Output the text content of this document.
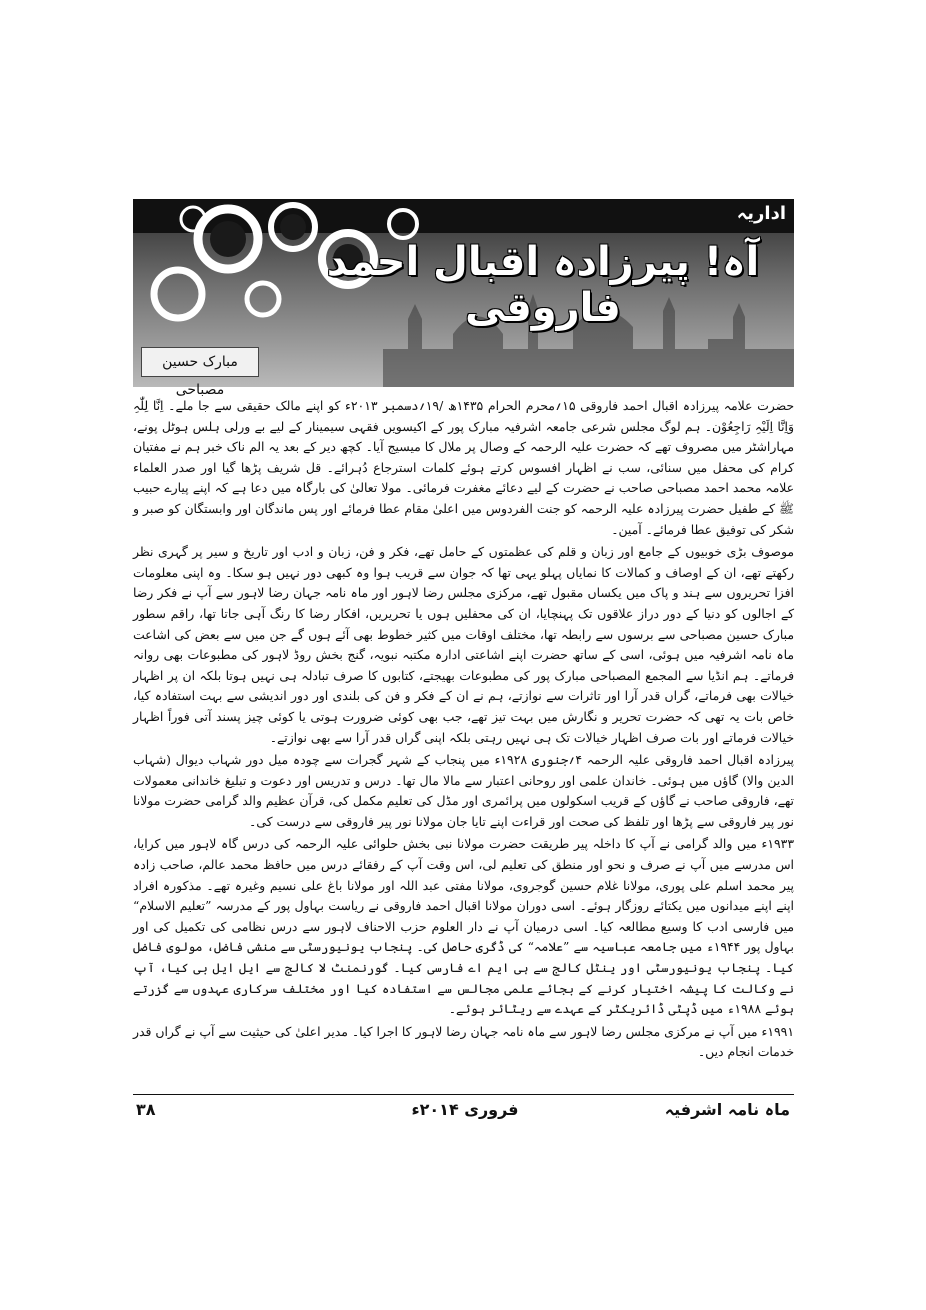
اداریہ
آہ! پیرزادہ اقبال احمد فاروقی
مبارک حسین مصباحی

حضرت علامہ پیرزادہ اقبال احمد فاروقی ۱۵؍محرم الحرام ۱۴۳۵ھ /۱۹؍دسمبر ۲۰۱۳ء کو اپنے مالک حقیقی سے جا ملے۔ اِنَّا لِلّٰہِ وَاِنَّا اِلَیْہِ رَاجِعُوْن۔ ہم لوگ مجلس شرعی جامعہ اشرفیہ مبارک پور کے اکیسویں فقہی سیمینار کے لیے بے ورلی ہلس ہوٹل پونے، مہاراشٹر میں مصروف تھے کہ حضرت علیہ الرحمہ کے وصال پر ملال کا میسیج آیا۔ کچھ دیر کے بعد یہ الم ناک خبر ہم نے مفتیان کرام کی محفل میں سنائی، سب نے اظہار افسوس کرتے ہوئے کلمات استرجاع دُہرائے۔ قل شریف پڑھا گیا اور صدر العلماء علامہ محمد احمد مصباحی صاحب نے حضرت کے لیے دعائے مغفرت فرمائی۔ مولا تعالیٰ کی بارگاہ میں دعا ہے کہ اپنے پیارے حبیب ﷺ کے طفیل حضرت پیرزادہ علیہ الرحمہ کو جنت الفردوس میں اعلیٰ مقام عطا فرمائے اور پس ماندگان اور وابستگان کو صبر و شکر کی توفیق عطا فرمائے۔ آمین۔

موصوف بڑی خوبیوں کے جامع اور زبان و قلم کی عظمتوں کے حامل تھے، فکر و فن، زبان و ادب اور تاریخ و سیر پر گہری نظر رکھتے تھے، ان کے اوصاف و کمالات کا نمایاں پہلو یہی تھا کہ جوان سے قریب ہوا وہ کبھی دور نہیں ہو سکا۔ وہ اپنی معلومات افزا تحریروں سے ہند و پاک میں یکساں مقبول تھے، مرکزی مجلس رضا لاہور اور ماہ نامہ جہان رضا لاہور سے آپ نے فکر رضا کے اجالوں کو دنیا کے دور دراز علاقوں تک پہنچایا، ان کی محفلیں ہوں یا تحریریں، افکار رضا کا رنگ آہی جاتا تھا، راقم سطور مبارک حسین مصباحی سے برسوں سے رابطہ تھا، مختلف اوقات میں کثیر خطوط بھی آئے ہوں گے جن میں سے بعض کی اشاعت ماہ نامہ اشرفیہ میں ہوئی، اسی کے ساتھ حضرت اپنے اشاعتی ادارہ مکتبہ نبویہ، گنج بخش روڈ لاہور کی مطبوعات بھی روانہ فرماتے۔ ہم انڈیا سے المجمع المصباحی مبارک پور کی مطبوعات بھیجتے، کتابوں کا صرف تبادلہ ہی نہیں ہوتا بلکہ ان پر اظہار خیالات بھی فرماتے، گراں قدر آرا اور تاثرات سے نوازتے، ہم نے ان کے فکر و فن کی بلندی اور دور اندیشی سے بہت استفادہ کیا، خاص بات یہ تھی کہ حضرت تحریر و نگارش میں بہت تیز تھے، جب بھی کوئی ضرورت ہوتی یا کوئی چیز پسند آتی فوراً اظہار خیالات فرماتے اور بات صرف اظہار خیالات تک ہی نہیں رہتی بلکہ اپنی گراں قدر آرا سے بھی نوازتے۔

پیرزادہ اقبال احمد فاروقی علیہ الرحمہ ۴؍جنوری ۱۹۲۸ء میں پنجاب کے شہر گجرات سے چودہ میل دور شہاب دیوال (شہاب الدین والا) گاؤں میں ہوئی۔ خاندان علمی اور روحانی اعتبار سے مالا مال تھا۔ درس و تدریس اور دعوت و تبلیغ خاندانی معمولات تھے، فاروقی صاحب نے گاؤں کے قریب اسکولوں میں پرائمری اور مڈل کی تعلیم مکمل کی، قرآن عظیم والد گرامی حضرت مولانا نور پیر فاروقی سے پڑھا اور تلفظ کی صحت اور قراءت اپنے تایا جان مولانا نور پیر فاروقی سے درست کی۔

۱۹۳۳ء میں والد گرامی نے آپ کا داخلہ پیر طریقت حضرت مولانا نبی بخش حلوائی علیہ الرحمہ کی درس گاہ لاہور میں کرایا، اس مدرسے میں آپ نے صرف و نحو اور منطق کی تعلیم لی، اس وقت آپ کے رفقائے درس میں حافظ محمد عالم، صاحب زادہ پیر محمد اسلم علی پوری، مولانا غلام حسین گوجروی، مولانا مفتی عبد اللہ اور مولانا باغ علی نسیم وغیرہ تھے۔ مذکورہ افراد اپنے اپنے میدانوں میں یکتائے روزگار ہوئے۔ اسی دوران مولانا اقبال احمد فاروقی نے ریاست بہاول پور کے مدرسہ ”تعلیم الاسلام“ میں فارسی ادب کا وسیع مطالعہ کیا۔ اسی درمیان آپ نے دار العلوم حزب الاحناف لاہور سے درس نظامی کی تکمیل کی اور بہاول پور ۱۹۴۴ء میں جامعہ عباسیہ سے ”علامہ“ کی ڈگری حاصل کی۔ پنجاب یونیورسٹی سے منشی فاضل، مولوی فاضل کیا۔ پنجاب یونیورسٹی اور ینٹل کالج سے ہی ایم اے فارسی کیا۔ گورنمنٹ لا کالج سے ایل ایل بی کیا، آپ نے وکالت کا پیشہ اختیار کرنے کے بجائے علمی مجالس سے استفادہ کیا اور مختلف سرکاری عہدوں سے گزرتے ہوئے ۱۹۸۸ء میں ڈپٹی ڈائریکٹر کے عہدے سے ریٹائر ہوئے۔

۱۹۹۱ء میں آپ نے مرکزی مجلس رضا لاہور سے ماہ نامہ جہان رضا لاہور کا اجرا کیا۔ مدیر اعلیٰ کی حیثیت سے آپ نے گراں قدر خدمات انجام دیں۔

۳۸	فروری ۲۰۱۴ء	ماہ نامہ اشرفیہ
